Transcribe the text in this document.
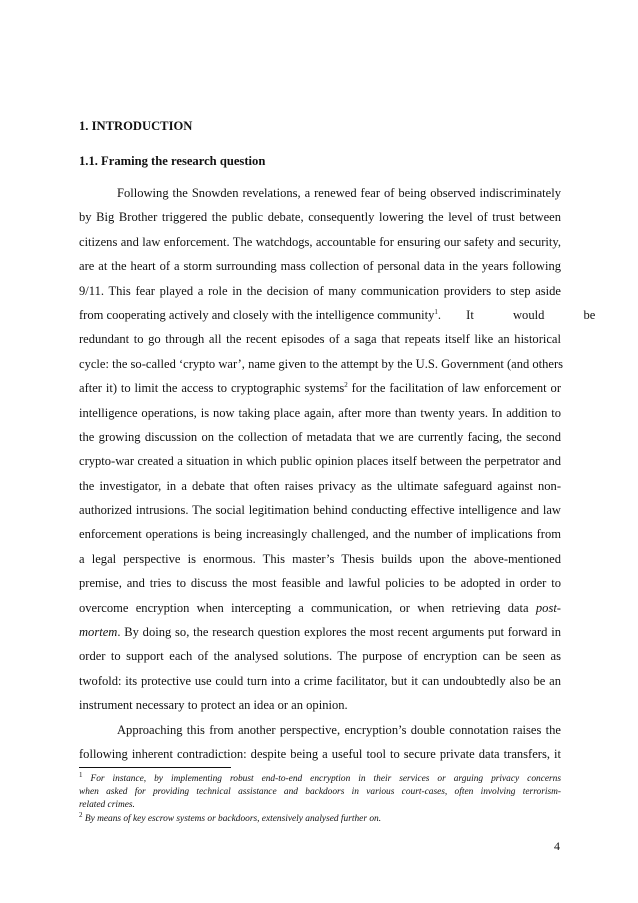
1. INTRODUCTION
1.1. Framing the research question
Following the Snowden revelations, a renewed fear of being observed indiscriminately
by Big Brother triggered the public debate, consequently lowering the level of trust between
citizens and law enforcement. The watchdogs, accountable for ensuring our safety and security,
are at the heart of a storm surrounding mass collection of personal data in the years following
9/11. This fear played a role in the decision of many communication providers to step aside
from cooperating actively and closely with the intelligence community$^1$. It	would	be
redundant to go through all the recent episodes of a saga that repeats itself like an historical
cycle: the so-called ‘crypto war’, name given to the attempt by the U.S. Government (and others
after it) to limit the access to cryptographic systems$^2$ for the facilitation of law enforcement or
intelligence operations, is now taking place again, after more than twenty years. In addition to
the growing discussion on the collection of metadata that we are currently facing, the second
crypto-war created a situation in which public opinion places itself between the perpetrator and
the investigator, in a debate that often raises privacy as the ultimate safeguard against non-
authorized intrusions. The social legitimation behind conducting effective intelligence and law
enforcement operations is being increasingly challenged, and the number of implications from
a legal perspective is enormous. This master’s Thesis builds upon the above-mentioned
premise, and tries to discuss the most feasible and lawful policies to be adopted in order to
overcome encryption when intercepting a communication, or when retrieving data post-
mortem. By doing so, the research question explores the most recent arguments put forward in
order to support each of the analysed solutions. The purpose of encryption can be seen as
twofold: its protective use could turn into a crime facilitator, but it can undoubtedly also be an
instrument necessary to protect an idea or an opinion.
Approaching this from another perspective, encryption’s double connotation raises the
following inherent contradiction: despite being a useful tool to secure private data transfers, it
$^1$ For instance, by implementing robust end-to-end encryption in their services or arguing privacy concerns
when asked for providing technical assistance and backdoors in various court-cases, often involving terrorism-
related crimes.
$^2$ By means of key escrow systems or backdoors, extensively analysed further on.
4
